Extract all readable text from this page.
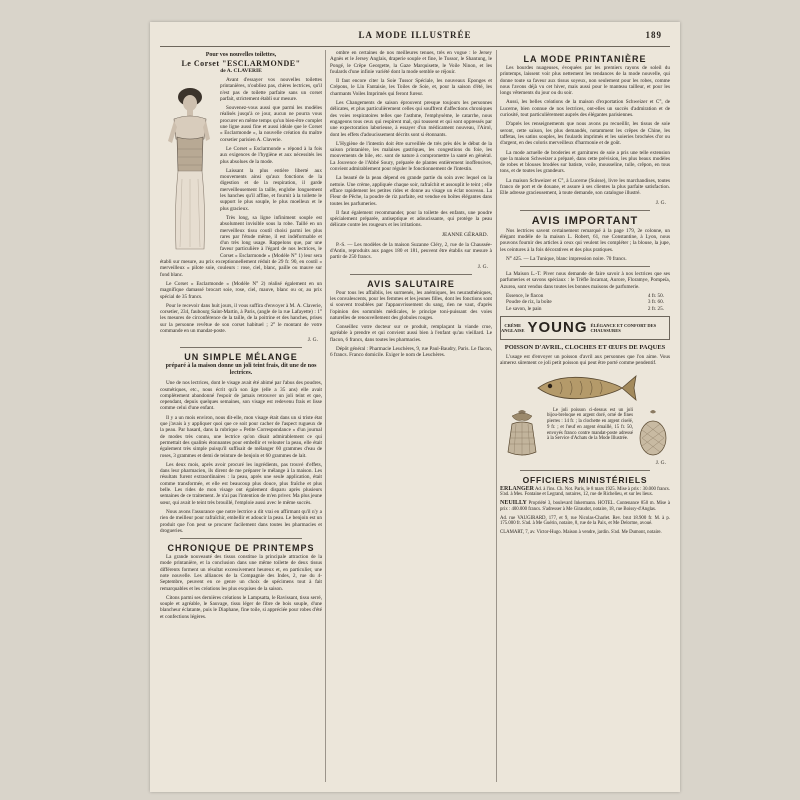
LA MODE ILLUSTRÉE	189
Pour vos nouvelles toilettes,
Le Corset "ESCLARMONDE"
de A. CLAVERIE

Avant d'essayer vos nouvelles toilettes printanières, n'oubliez pas, chères lectrices, qu'il n'est pas de toilette parfaite sans un corset parfait, strictement établi sur mesure.

Souvenez-vous aussi que parmi les modèles réalisés jusqu'à ce jour, aucun ne pourra vous procurer en même temps qu'un bien-être complet une ligne aussi fine et aussi idéale que le Corset « Esclarmonde », la nouvelle création du maître corsetier parisien A. Claverie.

Le Corset « Esclarmonde » répond à la fois aux exigences de l'hygiène et aux nécessités les plus absolues de la mode.

Laissant la plus entière liberté aux mouvements ainsi qu'aux fonctions de la digestion et de la respiration, il garde merveilleusement la taille, englobe longuement les hanches qu'il affine, et fournit à la toilette le support le plus souple, le plus moelleux et le plus gracieux.

Très long, sa ligne infiniment souple est absolument invisible sous la robe. Taillé en un merveilleux tissu coutil choisi parmi les plus rares par l'étude même, il est indéformable et d'un très long usage. Rappelons que, par une faveur particulière à l'égard de nos lectrices, le Corset « Esclarmonde » (Modèle N° 1) leur sera établi sur mesure, au prix exceptionnellement réduit de 29 fr. 90, en coutil « merveilleux » pilote soie, couleurs : rose, ciel, blanc, paille ou mauve sur fond blanc.

Le Corset « Esclarmonde » (Modèle N° 2) réalisé également en un magnifique damassé brocart soie, rose, ciel, mauve, blanc ou or, au prix spécial de 35 francs.

Pour le recevoir dans huit jours, il vous suffira d'envoyer à M. A. Claverie, corsetier, 234, faubourg Saint-Martin, à Paris, (angle de la rue Lafayette) : 1° les mesures de circonférence de la taille, de la poitrine et des hanches, prises sur la personne revêtue de son corset habituel ; 2° le montant de votre commande en un mandat-poste.

J. G.
UN SIMPLE MÉLANGE
préparé à la maison donne un joli teint frais, dit une de nos lectrices.

Une de nos lectrices, dont le visage avait été abimé par l'abus des poudres, cosmétiques, etc., nous écrit qu'à son âge (elle a 35 ans) elle avait complètement abandonné l'espoir de jamais retrouver un joli teint et que, cependant, depuis quelques semaines, son visage est redevenu frais et lisse comme celui d'une enfant.

Il y a un mois environ, nous dit-elle, mon visage était dans un si triste état que j'avais à y appliquer quoi que ce soit pour cacher de l'aspect rugueux de la peau. Par hasard, dans la rubrique « Petite Correspondance » d'un journal de modes très connu, une lectrice qu'on disait admirablement ce qui permettait des qualités étonnantes pour embellir et velouter la peau, elle était également très simple puisqu'il suffisait de mélanger 60 grammes d'eau de roses, 3 grammes et demi de teinture de benjoin et 60 grammes de lait.

Les deux mois, après avoir procuré les ingrédients, pas trouvé d'effets, dans leur pharmacien, ils dirent de me préparer le mélange à la maison. Les résultats furent extraordinaires : la peau, après une seule application, était comme transformée, et elle est beaucoup plus douce, plus fraîche et plus belle. Les rides de mon visage ont également disparu après plusieurs semaines de ce traitement. Je n'ai pas l'intention de m'en priver. Ma plus jeune sœur, qui avait le teint très brouillé, l'emploie aussi avec le même succès.

Nous avons l'assurance que notre lectrice a dit vrai en affirmant qu'il n'y a rien de meilleur pour rafraîchir, embellir et adoucir la peau. Le benjoin est un produit que l'on peut se procurer facilement dans toutes les pharmacies et drogueries.

CHRONIQUE DE PRINTEMPS

La grande nouveauté des tissus constitue la principale attraction de la mode printanière, et la conclusion dans une même toilette de deux tissus différents forment un résultat excessivement heureux et, en particulier, une note nouvelle. Les alliances de la Compagnie des Indes, 2, rue du 4-Septembre, peuvent en ce genre un choix de spécimens tout à fait remarquables et les créations les plus exquises de la saison.

Citons parmi ses dernières créations le Lampsatta, le Ravissant, tissu serré, souple et agréable, le Sauvage, tissu léger de fibre de bois souple, d'une blancheur éclatante, puis le Diaphane, fine toile, si appréciée pour robes d'été et confections légères.

ombre en certaines de nos meilleures tenues, très en vogue : le Jersey Agnès et le Jersey Anglais, draperie souple et fine, le Tussor, le Shantung, le Pongé, le Crêpe Georgette, la Gaze Marquisette, le Voile Ninon, et les foulards d'une infinie variété dont la mode semble se réjouir.

Il faut encore citer la Soie Tussor Spéciale, les nouveaux Eponges et Crépons, le Lin Fantaisie, les Toiles de Soie, et, pour la saison d'été, les charmants Voiles Imprimés qui feront fureur.

Les Changements de saison éprouvent presque toujours les personnes délicates, et plus particulièrement celles qui souffrent d'affections chroniques des voies respiratoires telles que l'asthme, l'emphysème, le catarrhe, nous engageons tous ceux qui respirent mal, qui toussent et qui sont oppressés par une expectoration laborieuse, à essayer d'un médicament nouveau, l'Airol, dont les effets d'adoucissement décrits sont si étonnants.

L'Hygiène de l'intestin doit être surveillée de très près dès le début de la saison printanière, les malaises gastriques, les congestions du foie, les mouvements de bile, etc. sont de nature à compromettre la santé en général. La Jouvence de l'Abbé Soury, préparée de plantes entièrement inoffensives, convient admirablement pour réguler le fonctionnement de l'intestin.

La beauté de la peau dépend en grande partie du soin avec lequel on la nettoie. Une crème, appliquée chaque soir, rafraîchit et assouplit le teint ; elle efface rapidement les petites rides et donne au visage un éclat nouveau. La Fleur de Pêche, la poudre de riz parfaite, est vendue en boîtes élégantes dans toutes les parfumeries.

Il faut également recommander, pour la toilette des enfants, une poudre spécialement préparée, antiseptique et adoucissante, qui protège la peau délicate contre les rougeurs et les irritations.

JEANNE GÉRARD.

P.-S. — Les modèles de la maison Suzanne Cléry, 2, rue de la Chaussée-d'Antin, reproduits aux pages 180 et 181, peuvent être établis sur mesure à partir de 250 francs.

J. G.
AVIS SALUTAIRE

Pour tous les affaiblis, les surmenés, les anémiques, les neurasthéniques, les convalescents, pour les femmes et les jeunes filles, dont les fonctions sont si souvent troublées par l'appauvrissement du sang, rien ne vaut, d'après l'opinion des sommités médicales, le principe toni-puissant des voies naturelles de renouvellement des globules rouges.

Conseillez votre docteur sur ce produit, remplaçant la viande crue, agréable à prendre et qui convient aussi bien à l'enfant qu'au vieillard. Le flacon, 6 francs, dans toutes les pharmacies.

Dépôt général : Pharmacie Leuchères, 9, rue Paul-Baudry, Paris. Le flacon, 6 francs. Franco domicile. Exiger le nom de Leuchères.

LA MODE PRINTANIÈRE

Les bourdes nuageuses, évoquées par les premiers rayons de soleil du printemps, laissent voir plus nettement les tendances de la mode nouvelle, qui donne toute sa faveur aux tissus soyeux, non seulement pour les robes, comme nous l'avons déjà vu cet hiver, mais aussi pour le manteau tailleur, et pour les longs vêtements du jour ou du soir.

Aussi, les belles créations de la maison d'exportation Schweizer et C°, de Lucerne, bien connue de nos lectrices, ont-elles un succès d'admiration et de curiosité, tout particulièrement auprès des élégantes parisiennes.

D'après les renseignements que nous avons pu recueillir, les tissus de soie seront, cette saison, les plus demandés, notamment les crêpes de Chine, les taffetas, les satins souples, les foulards imprimés et les soieries brochées d'or ou d'argent, en des coloris merveilleux d'harmonie et de goût.

La mode actuelle de broderies et garnitures de soie a pris une telle extension que la maison Schweizer a préparé, dans cette prévision, les plus beaux modèles de robes et blouses brodées sur batiste, voile, mousseline, tulle, crêpon, en tous tons, et de toutes les grandeurs.

La maison Schweizer et C°, à Lucerne (Suisse), livre les marchandises, toutes franco de port et de douane, et assure à ses clientes la plus parfaite satisfaction. Elle adresse gracieusement, à toute demande, son catalogue illustré.

J. G.
AVIS IMPORTANT

Nos lectrices savent certainement remarqué à la page 179, 2e colonne, un élégant modèle de la maison L. Robert, 61, rue Constantine, à Lyon, nous pouvons fournir des articles à ceux qui veulent les compléter ; la blouse, la jupe, les ceintures à la fois décoratives et des plus pratiques.

N° 425. — La Tunique, blanc impression noire. 70 francs.

La Maison L.-T. Piver nous demande de faire savoir à nos lectrices que ses parfumeries et savons spéciaux : le Trèfle Incarnat, Aurore, Floramye, Pompeïa, Azurea, sont vendus dans toutes les bonnes maisons de parfumerie.

Essence, le flacon	4 fr. 50.
Poudre de riz, la boîte	3 fr. 60.
Le savon, le pain	2 fr. 25.
CRÈME ANGLAISE YOUNG ÉLÉGANCE ET CONFORT DES CHAUSSURES
POISSON D'AVRIL, CLOCHES ET ŒUFS DE PAQUES

L'usage est d'envoyer un poisson d'avril aux personnes que l'on aime. Vous aimerez sûrement ce joli petit poisson qui peut être porté comme pendentif.

Le joli poisson ci-dessus est un joli bijou-breloque en argent doré, orné de fines pierres : 14 fr. ; la clochette en argent ciselé, 9 fr. ; et l'œuf en argent émaillé, 15 fr. 50, envoyés franco contre mandat-poste adressé à la Service d'Achats de la Mode Illustrée.

J. G.
OFFICIERS MINISTÉRIELS
ERLANGER Ad. à l'ins. Ch. Not. Paris, le 8 mars 1925. Mise à prix : 30.000 francs. S'ad. à Mes. Fontaine et Legrand, notaires, 12, rue de Richelieu, et sur les lieux.
NEUILLY Propriété 3, boulevard Inkermann. HOTEL. Contenance 850 m. Mise à prix : 400.000 francs. S'adresser à Me Giraudot, notaire, 18, rue Boissy-d'Anglas.
Ad. rue VAUGIRARD, 177, et 9, rue Nicolas-Charlet. Rev. brut 18.900 fr. M. à p. 175.000 fr. S'ad. à Me Guérin, notaire, 8, rue de la Paix, et Me Delorme, avoué.
CLAMART, 7, av. Victor-Hugo. Maison à vendre, jardin. S'ad. Me Dumont, notaire.
